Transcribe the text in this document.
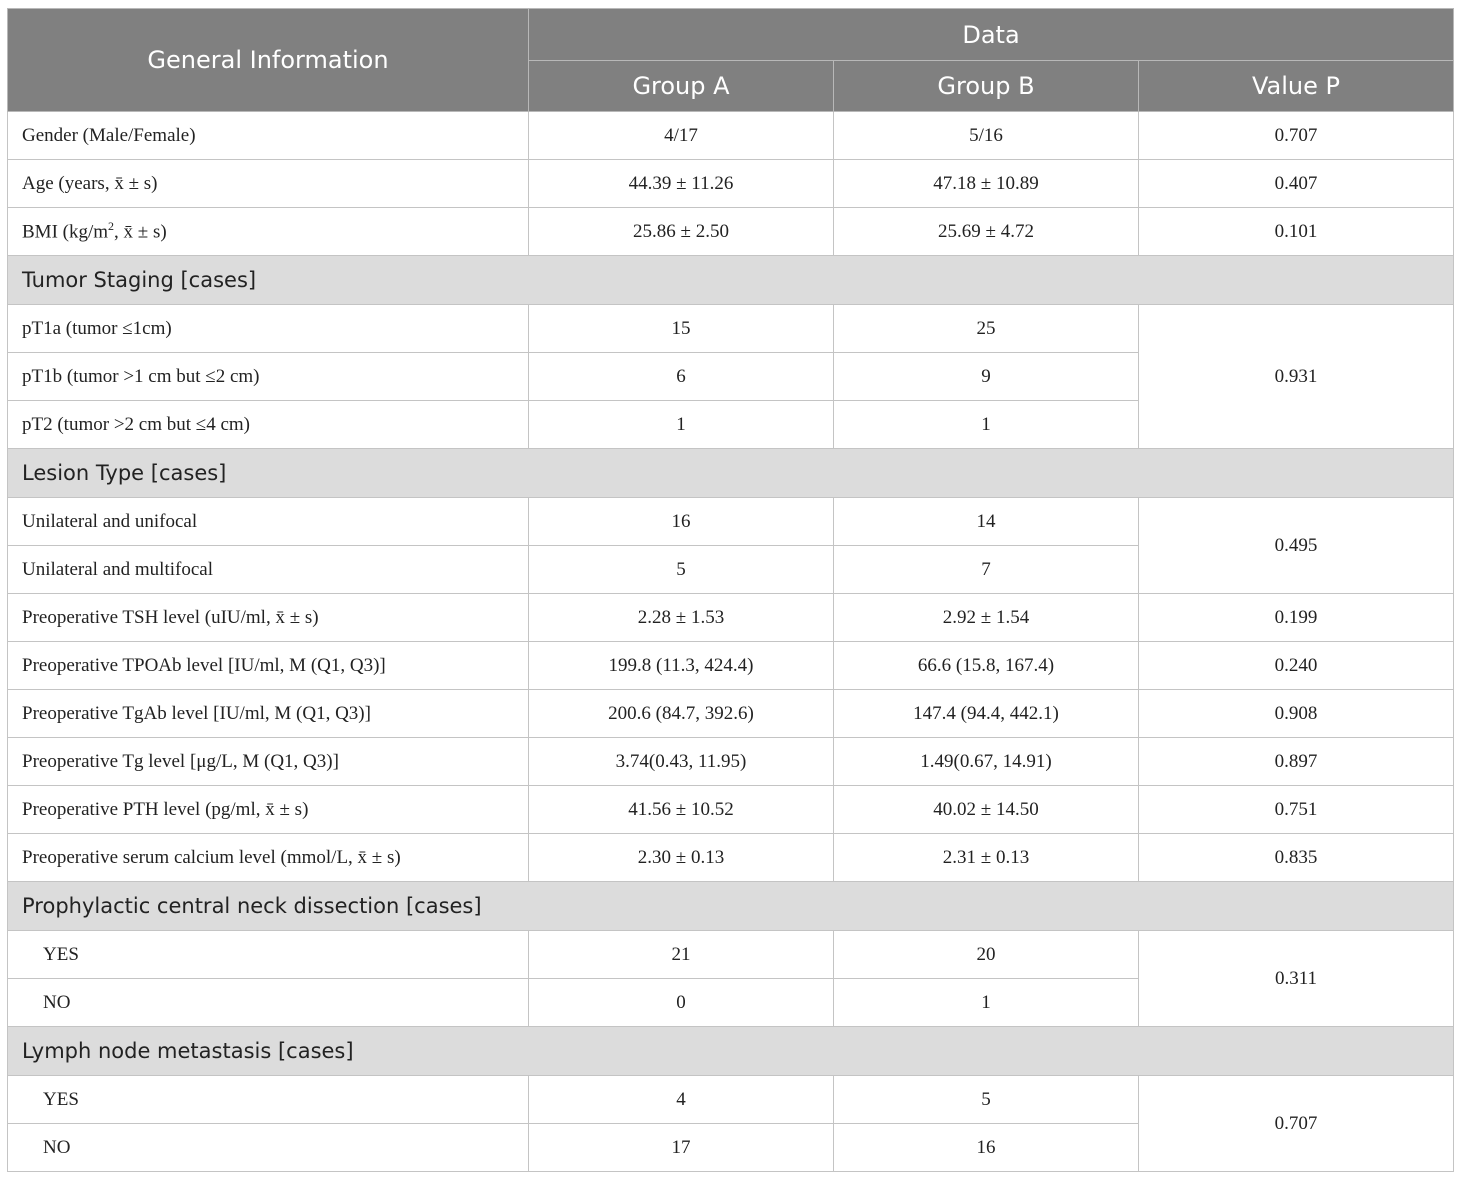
General Information	Data		
	Group A	Group B	Value P
Gender (Male/Female)	4/17	5/16	0.707
Age (years, x̄ ± s)	44.39 ± 11.26	47.18 ± 10.89	0.407
BMI ($kg/m^2$, x̄ ± s)	25.86 ± 2.50	25.69 ± 4.72	0.101
Tumor Staging [cases]			
pT1a (tumor ≤1cm)	15	25	0.931
pT1b (tumor >1 cm but ≤2 cm)	6	9	
pT2 (tumor >2 cm but ≤4 cm)	1	1	
Lesion Type [cases]			
Unilateral and unifocal	16	14	0.495
Unilateral and multifocal	5	7	
Preoperative TSH level (uIU/ml, x̄ ± s)	2.28 ± 1.53	2.92 ± 1.54	0.199
Preoperative TPOAb level [IU/ml, M (Q1, Q3)]	199.8 (11.3, 424.4)	66.6 (15.8, 167.4)	0.240
Preoperative TgAb level [IU/ml, M (Q1, Q3)]	200.6 (84.7, 392.6)	147.4 (94.4, 442.1)	0.908
Preoperative Tg level [μg/L, M (Q1, Q3)]	3.74(0.43, 11.95)	1.49(0.67, 14.91)	0.897
Preoperative PTH level (pg/ml, x̄ ± s)	41.56 ± 10.52	40.02 ± 14.50	0.751
Preoperative serum calcium level (mmol/L, x̄ ± s)	2.30 ± 0.13	2.31 ± 0.13	0.835
Prophylactic central neck dissection [cases]			
YES	21	20	0.311
NO	0	1	
Lymph node metastasis [cases]			
YES	4	5	0.707
NO	17	16	
